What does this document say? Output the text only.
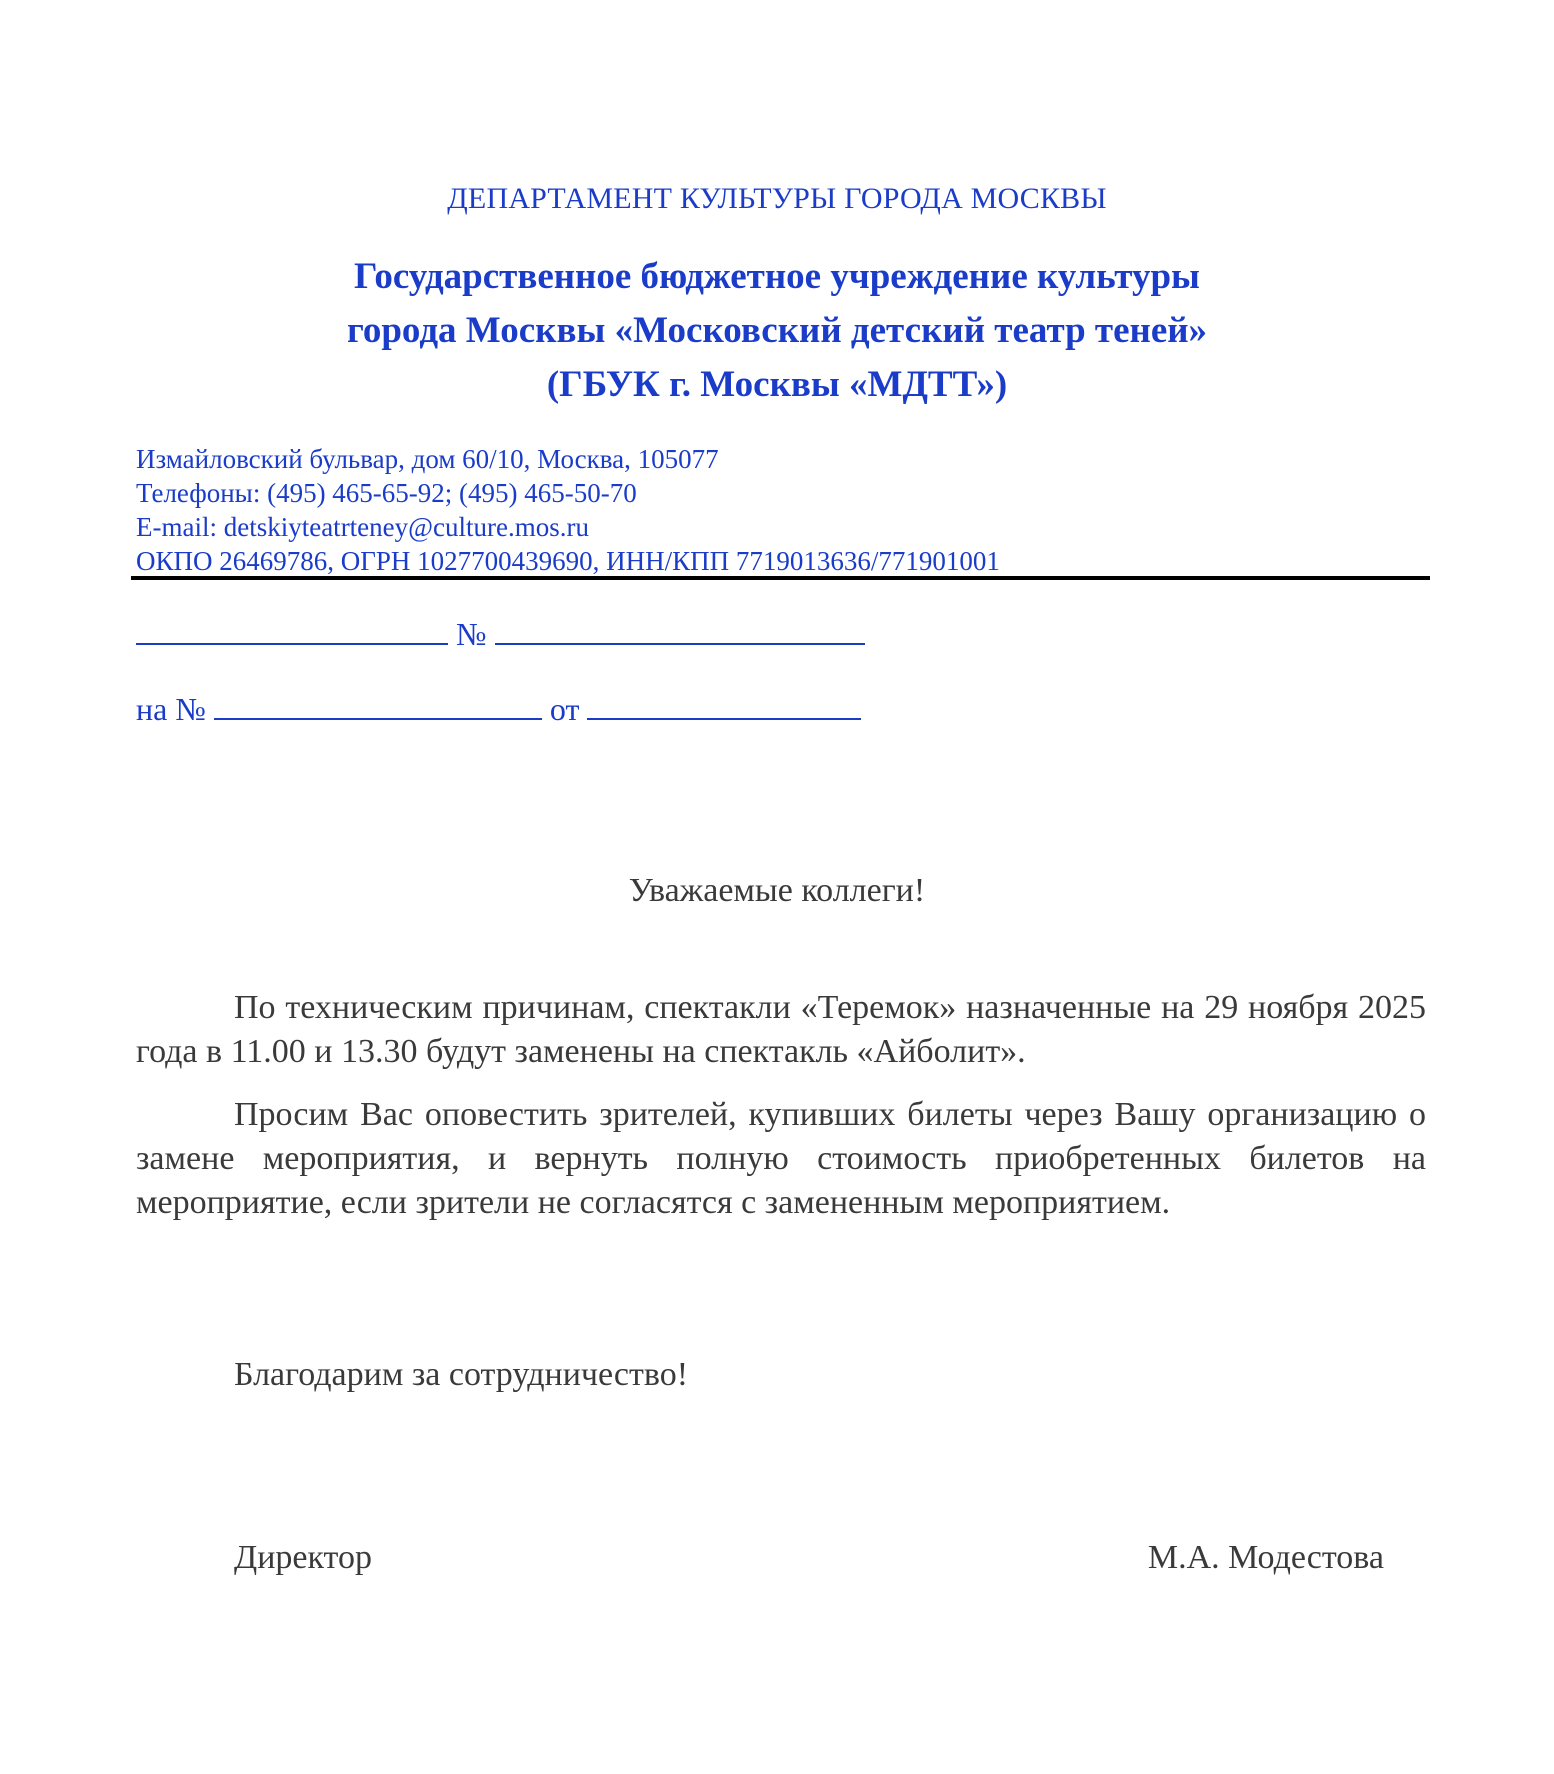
ДЕПАРТАМЕНТ КУЛЬТУРЫ ГОРОДА МОСКВЫ
Государственное бюджетное учреждение культуры
города Москвы «Московский детский театр теней»
(ГБУК г. Москвы «МДТТ»)
Измайловский бульвар, дом 60/10, Москва, 105077
Телефоны: (495) 465-65-92; (495) 465-50-70
E-mail: detskiyteatrteney@culture.mos.ru
ОКПО 26469786, ОГРН 1027700439690, ИНН/КПП 7719013636/771901001
№
на №	от
Уважаемые коллеги!

По техническим причинам, спектакли «Теремок» назначенные на 29 ноября 2025 года в 11.00 и 13.30 будут заменены на спектакль «Айболит».

Просим Вас оповестить зрителей, купивших билеты через Вашу организацию о замене мероприятия, и вернуть полную стоимость приобретенных билетов на мероприятие, если зрители не согласятся с замененным мероприятием.

Благодарим за сотрудничество!
Директор	М.А. Модестова
